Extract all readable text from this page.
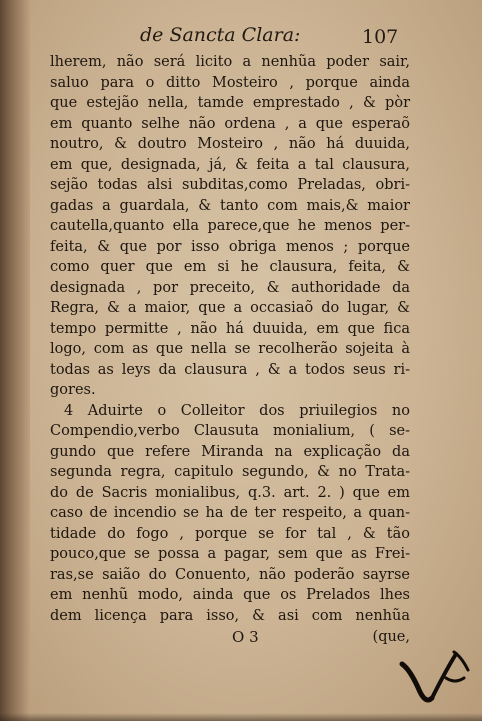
de Sancta Clara:	107
lherem, não será licito a nenhũa poder sair,
saluo para o ditto Mosteiro , porque ainda
que estejão nella, tamde emprestado , & pòr
em quanto selhe não ordena , a que esperaõ
noutro, & doutro Mosteiro , não há duuida,
em que, designada, já, & feita a tal clausura,
sejão todas alsi subditas,como Preladas, obri-
gadas a guardala, & tanto com mais,& maior
cautella,quanto ella parece,que he menos per-
feita, & que por isso obriga menos ; porque
como quer que em si he clausura, feita, &
designada , por preceito, & authoridade da
Regra, & a maior, que a occasiaõ do lugar, &
tempo permitte , não há duuida, em que fica
logo, com as que nella se recolherão sojeita à
todas as leys da clausura , & a todos seus ri-
gores.
4 Aduirte o Colleitor dos priuilegios no
Compendio,verbo Clausuta monialium, ( se-
gundo que refere Miranda na explicação da
segunda regra, capitulo segundo, & no Trata-
do de Sacris monialibus, q.3. art. 2. ) que em
caso de incendio se ha de ter respeito, a quan-
tidade do fogo , porque se for tal , & tão
pouco,que se possa a pagar, sem que as Frei-
ras,se saião do Conuento, não poderão sayrse
em nenhũ modo, ainda que os Prelados lhes
dem licença para isso, & asi com nenhũa
O 3	(que,
